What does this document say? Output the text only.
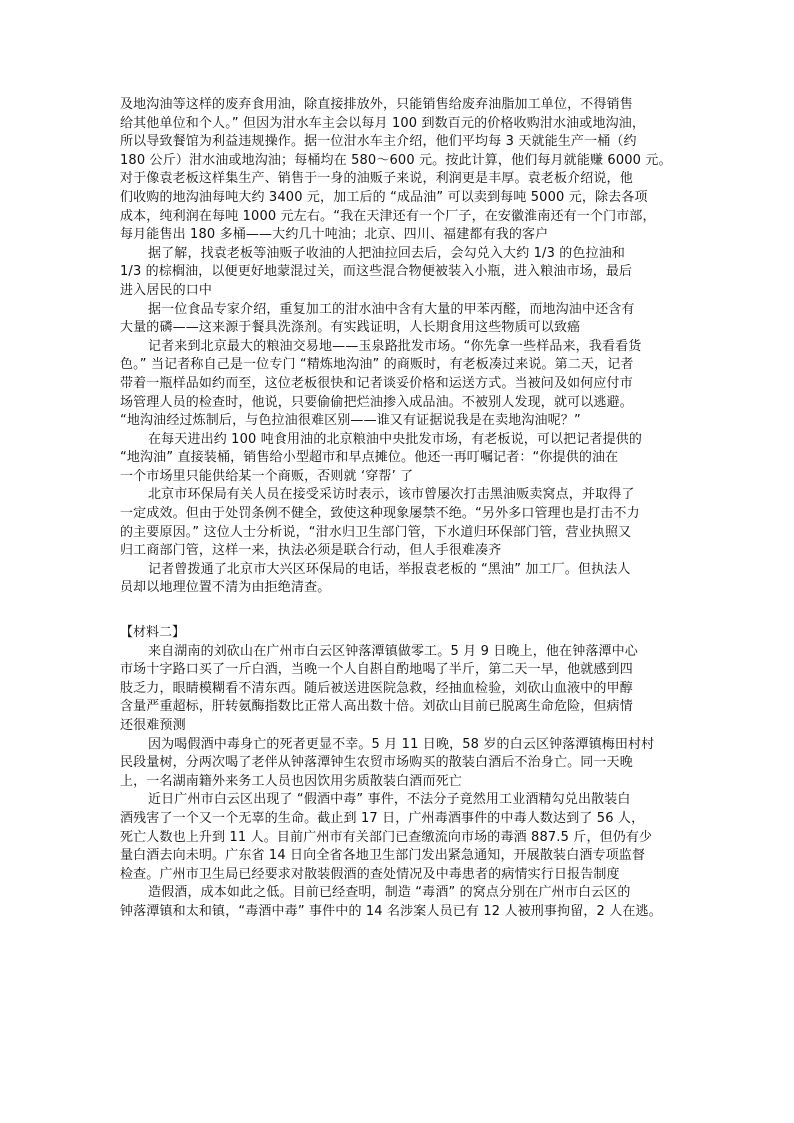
及地沟油等这样的废弃食用油，除直接排放外，只能销售给废弃油脂加工单位，不得销售
给其他单位和个人。” 但因为泔水车主会以每月 100 到数百元的价格收购泔水油或地沟油，
所以导致餐馆为利益违规操作。据一位泔水车主介绍，他们平均每 3 天就能生产一桶（约
180 公斤）泔水油或地沟油；每桶均在 580～600 元。按此计算，他们每月就能赚 6000 元。
对于像袁老板这样集生产、销售于一身的油贩子来说，利润更是丰厚。袁老板介绍说，他
们收购的地沟油每吨大约 3400 元，加工后的 “成品油” 可以卖到每吨 5000 元，除去各项
成本，纯利润在每吨 1000 元左右。“我在天津还有一个厂子，在安徽淮南还有一个门市部，
每月能售出 180 多桶——大约几十吨油；北京、四川、福建都有我的客户
据了解，找袁老板等油贩子收油的人把油拉回去后，会勾兑入大约 1/3 的色拉油和
1/3 的棕榈油，以便更好地蒙混过关，而这些混合物便被装入小瓶，进入粮油市场，最后
进入居民的口中
据一位食品专家介绍，重复加工的泔水油中含有大量的甲苯丙醛，而地沟油中还含有
大量的磷——这来源于餐具洗涤剂。有实践证明，人长期食用这些物质可以致癌
记者来到北京最大的粮油交易地——玉泉路批发市场。“你先拿一些样品来，我看看货
色。” 当记者称自己是一位专门 “精炼地沟油” 的商贩时，有老板凑过来说。第二天，记者
带着一瓶样品如约而至，这位老板很快和记者谈妥价格和运送方式。当被问及如何应付市
场管理人员的检查时，他说，只要偷偷把烂油掺入成品油。不被别人发现，就可以逃避。
“地沟油经过炼制后，与色拉油很难区别——谁又有证据说我是在卖地沟油呢？”
在每天进出约 100 吨食用油的北京粮油中央批发市场，有老板说，可以把记者提供的
“地沟油” 直接装桶，销售给小型超市和早点摊位。他还一再叮嘱记者：“你提供的油在
一个市场里只能供给某一个商贩，否则就 ‘穿帮’ 了
北京市环保局有关人员在接受采访时表示，该市曾屡次打击黑油贩卖窝点，并取得了
一定成效。但由于处罚条例不健全，致使这种现象屡禁不绝。“另外多口管理也是打击不力
的主要原因。” 这位人士分析说，“泔水归卫生部门管，下水道归环保部门管，营业执照又
归工商部门管，这样一来，执法必须是联合行动，但人手很难凑齐
记者曾拨通了北京市大兴区环保局的电话，举报袁老板的 “黑油” 加工厂。但执法人
员却以地理位置不清为由拒绝清查。
【材料二】
来自湖南的刘砍山在广州市白云区钟落潭镇做零工。5 月 9 日晚上，他在钟落潭中心
市场十字路口买了一斤白酒，当晚一个人自斟自酌地喝了半斤，第二天一早，他就感到四
肢乏力，眼睛模糊看不清东西。随后被送进医院急救，经抽血检验，刘砍山血液中的甲醇
含量严重超标，肝转氨酶指数比正常人高出数十倍。刘砍山目前已脱离生命危险，但病情
还很难预测
因为喝假酒中毒身亡的死者更显不幸。5 月 11 日晚，58 岁的白云区钟落潭镇梅田村村
民段量树，分两次喝了老伴从钟落潭钟生农贸市场购买的散装白酒后不治身亡。同一天晚
上，一名湖南籍外来务工人员也因饮用劣质散装白酒而死亡
近日广州市白云区出现了 “假酒中毒” 事件，不法分子竟然用工业酒精勾兑出散装白
酒残害了一个又一个无辜的生命。截止到 17 日，广州毒酒事件的中毒人数达到了 56 人，
死亡人数也上升到 11 人。目前广州市有关部门已查缴流向市场的毒酒 887.5 斤，但仍有少
量白酒去向未明。广东省 14 日向全省各地卫生部门发出紧急通知，开展散装白酒专项监督
检查。广州市卫生局已经要求对散装假酒的查处情况及中毒患者的病情实行日报告制度
造假酒，成本如此之低。目前已经查明，制造 “毒酒” 的窝点分别在广州市白云区的
钟落潭镇和太和镇，“毒酒中毒” 事件中的 14 名涉案人员已有 12 人被刑事拘留，2 人在逃。
